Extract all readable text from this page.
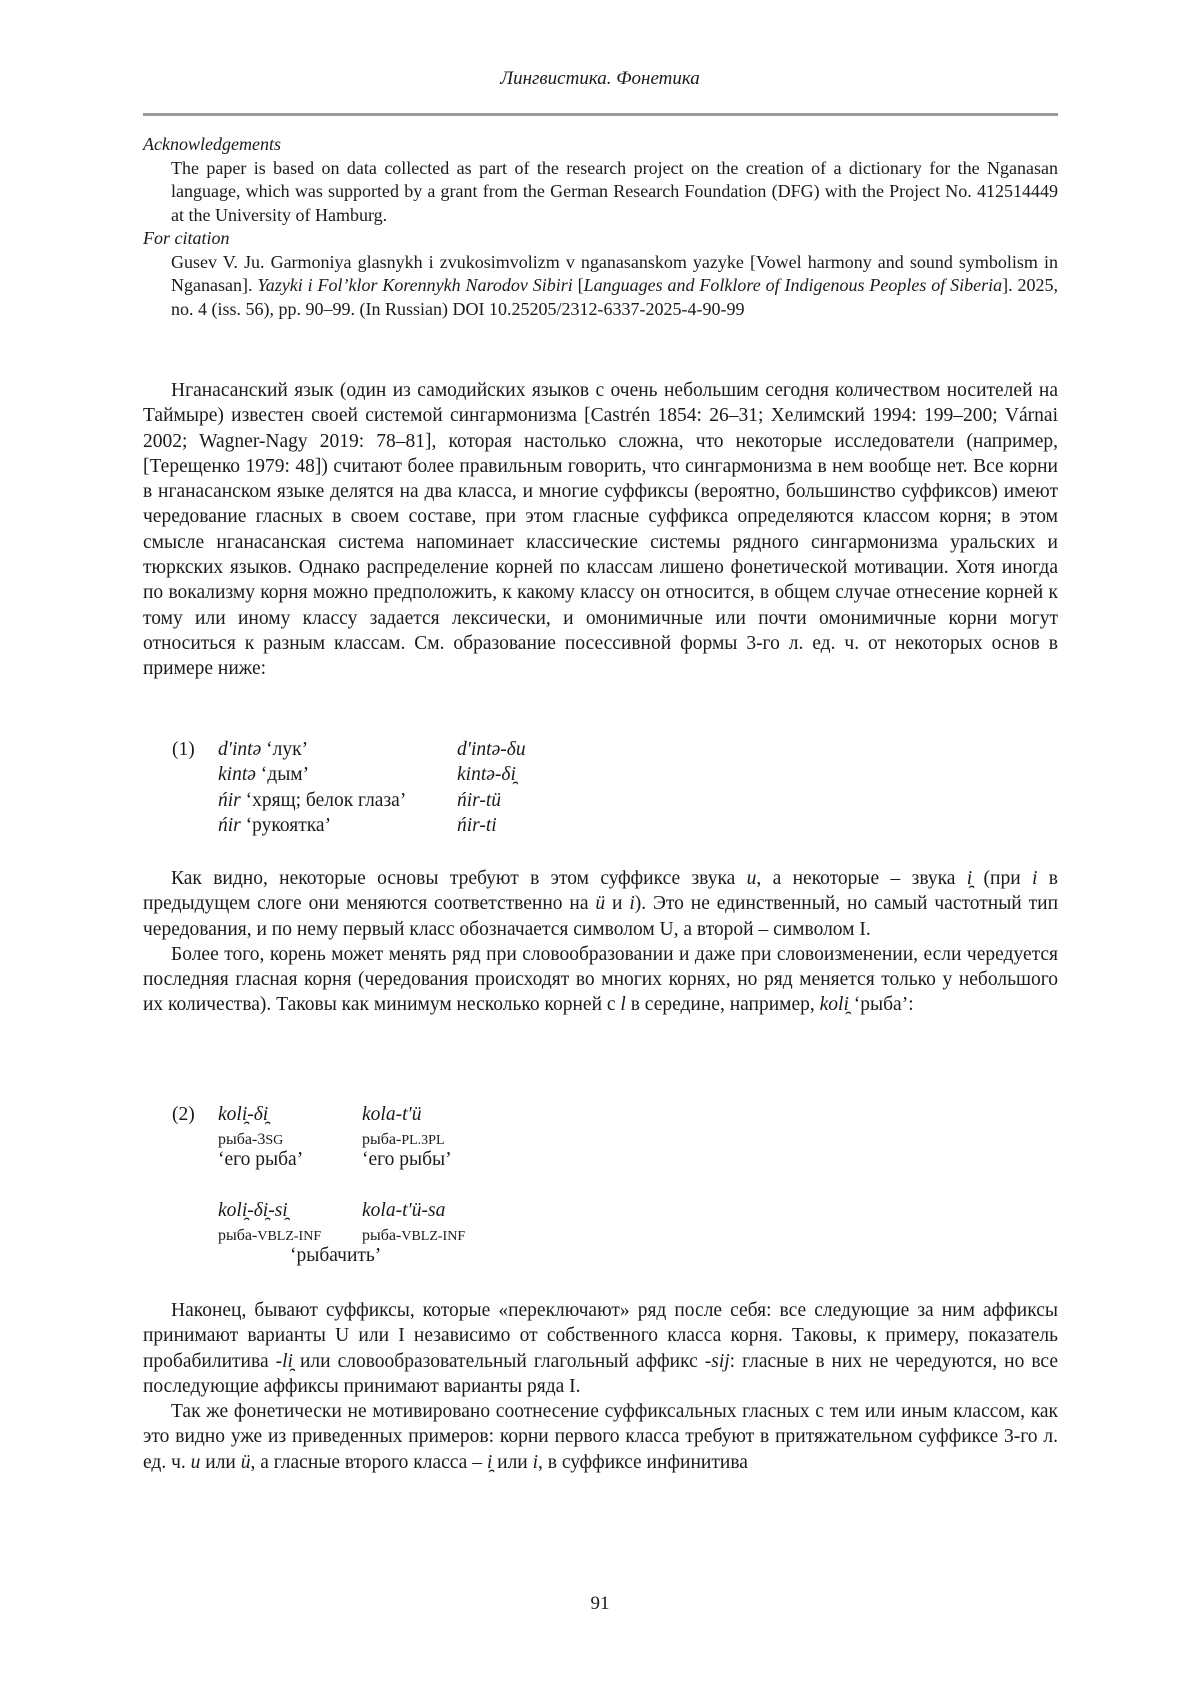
Лингвистика. Фонетика
Acknowledgements
The paper is based on data collected as part of the research project on the creation of a dictionary for the Nganasan language, which was supported by a grant from the German Research Foundation (DFG) with the Project No. 412514449 at the University of Hamburg.
For citation
Gusev V. Ju. Garmoniya glasnykh i zvukosimvolizm v nganasanskom yazyke [Vowel harmony and sound symbolism in Nganasan]. Yazyki i Fol’klor Korennykh Narodov Sibiri [Languages and Folklore of Indigenous Peoples of Siberia]. 2025, no. 4 (iss. 56), pp. 90–99. (In Russian) DOI 10.25205/2312-6337-2025-4-90-99

Нганасанский язык (один из самодийских языков с очень небольшим сегодня количеством носителей на Таймыре) известен своей системой сингармонизма [Castrén 1854: 26–31; Хелимский 1994: 199–200; Várnai 2002; Wagner-Nagy 2019: 78–81], которая настолько сложна, что некоторые исследователи (например, [Терещенко 1979: 48]) считают более правильным говорить, что сингармонизма в нем вообще нет. Все корни в нганасанском языке делятся на два класса, и многие суффиксы (вероятно, большинство суффиксов) имеют чередование гласных в своем составе, при этом гласные суффикса определяются классом корня; в этом смысле нганасанская система напоминает классические системы рядного сингармонизма уральских и тюркских языков. Однако распределение корней по классам лишено фонетической мотивации. Хотя иногда по вокализму корня можно предположить, к какому классу он относится, в общем случае отнесение корней к тому или иному классу задается лексически, и омонимичные или почти омонимичные корни могут относиться к разным классам. См. образование посессивной формы 3-го л. ед. ч. от некоторых основ в примере ниже:

(1) d′intə ‘лук’	d′intə-δu
kintə ‘дым’	kintə-δi̯
ńir ‘хрящ; белок глаза’	ńir-tü
ńir ‘рукоятка’	ńir-ti

Как видно, некоторые основы требуют в этом суффиксе звука u, а некоторые – звука i̯ (при i в предыдущем слоге они меняются соответственно на ü и i). Это не единственный, но самый частотный тип чередования, и по нему первый класс обозначается символом U, а второй – символом I.

Более того, корень может менять ряд при словообразовании и даже при словоизменении, если чередуется последняя гласная корня (чередования происходят во многих корнях, но ряд меняется только у небольшого их количества). Таковы как минимум несколько корней с l в середине, например, koli̯ ‘рыба’:

(2) koli̯-δi̯	kola-t′ü
рыба-3SG	рыба-PL.3PL
‘его рыба’	‘его рыбы’
koli̯-δi̯-si̯	kola-t′ü-sa
рыба-VBLZ-INF	рыба-VBLZ-INF
‘рыбачить’

Наконец, бывают суффиксы, которые «переключают» ряд после себя: все следующие за ним аффиксы принимают варианты U или I независимо от собственного класса корня. Таковы, к примеру, показатель пробабилитива -li̯ или словообразовательный глагольный аффикс -sij: гласные в них не чередуются, но все последующие аффиксы принимают варианты ряда I.

Так же фонетически не мотивировано соотнесение суффиксальных гласных с тем или иным классом, как это видно уже из приведенных примеров: корни первого класса требуют в притяжательном суффиксе 3-го л. ед. ч. u или ü, а гласные второго класса – i̯ или i, в суффиксе инфинитива

91
